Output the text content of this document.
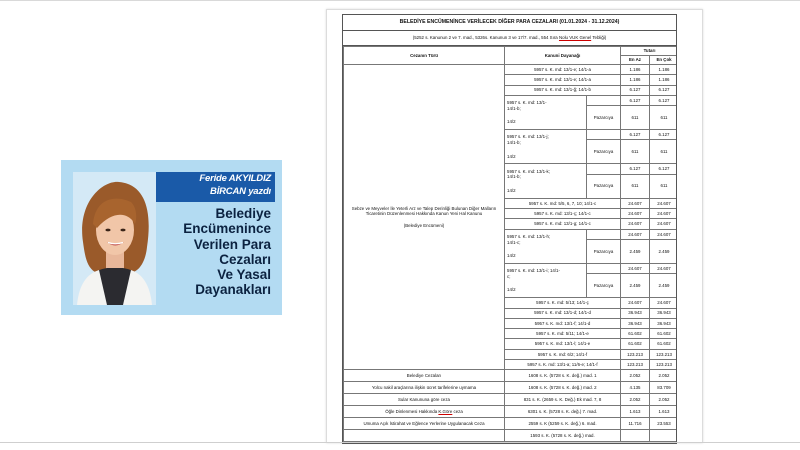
Feride AKYILDIZ
BİRCAN yazdı
Belediye
Encümenince
Verilen Para
Cezaları
Ve Yasal
Dayanakları
BELEDİYE ENCÜMENİNCE VERİLECEK DİĞER PARA CEZALARI (01.01.2024 - 31.12.2024)
(5252 s. Kanunun 2 ve 7. mad., 5326s. Kanunun 3 ve 17/7. mad., 554 Sıra Nolu VUK Genel Tebliği)
Cezanın Türü	Kanuni Dayanağı		Tutarı	
			En Az	En Çok

Sebze ve Meyveler İle Yeterli Arz ve Talep Derinliği Bulunan Diğer Malların Ticaretinin Düzenlenmesi Hakkında Kanun Yeni Hal Kanunu
(Belediye Encümeni)	5957 s. K. md: 13/1-e; 14/1-a		1.186	1.186
	5957 s. K. md: 13/1-e; 14/1-a		1.186	1.186
	5957 s. K. md: 13/1-ğ; 14/1-b		6.127	6.127

	5957 s. K. md: 13/1-
14/1-b;
14/2		6.127	6.127
		Pazarcıya	611	611

	5957 s. K. md: 13/1-j;
14/1-b;
14/2		6.127	6.127
		Pazarcıya	611	611

	5957 s. K. md: 13/1-k;
14/1-b;
14/2		6.127	6.127
		Pazarcıya	611	611
	5957 s. K. md: 5/5, 6, 7, 10; 14/1-c		24.607	24.607
	5957 s. K. md: 13/1-ç; 14/1-c		24.607	24.607
	5957 s. K. md: 13/1-g; 14/1-c		24.607	24.607

	5957 s. K. md: 13/1-h;
14/1-c;
14/2		24.607	24.607
		Pazarcıya	2.459	2.459

	5957 s. K. md: 13/1-i; 14/1-
c;
14/2		24.607	24.607
		Pazarcıya	2.459	2.459
	5957 s. K. md: 5/13; 14/1-ç		24.607	24.607
	5957 s. K. md: 13/1-d; 14/1-d		36.943	36.943
	5957 s. K. md: 13/1-f; 14/1-d		36.943	36.943
	5957 s. K. md: 5/11; 14/1-e		61.602	61.602
	5957 s. K. md: 13/1-l; 14/1-e		61.602	61.602
	5957 s. K. md: 6/2; 14/1-f		123.213	123.213
	5957 s. K. md: 13/1-a; 11/6-e; 14/1-f		123.213	123.213
Belediye Cezaları	1608 s. K. (5728 s. K. değ.) mad. 1		2.052	2.052
Yolcu nakil araçlarına ilişkin ücret tarifelerine uymama	1608 s. K. (5728 s. K. değ.) mad. 2		4.135	83.709
Sular Kanununa göre ceza	831 s. K. (2659 s. K. Değ.) Ek mad. 7, 8		2.052	2.052
Öğle Dinlenmesi Hakkında K.Göre ceza	6301 s. K. (5728 s. K. değ.) 7. mad.		1.613	1.613
Umuma Açık İstirahat ve Eğlence Yerlerine Uygulanacak Ceza	2559 s. K (5259 s. K. değ.) 6. mad.		11.716	23.553
	1593 s. K. (5728 s. K. değ.) mad.			
